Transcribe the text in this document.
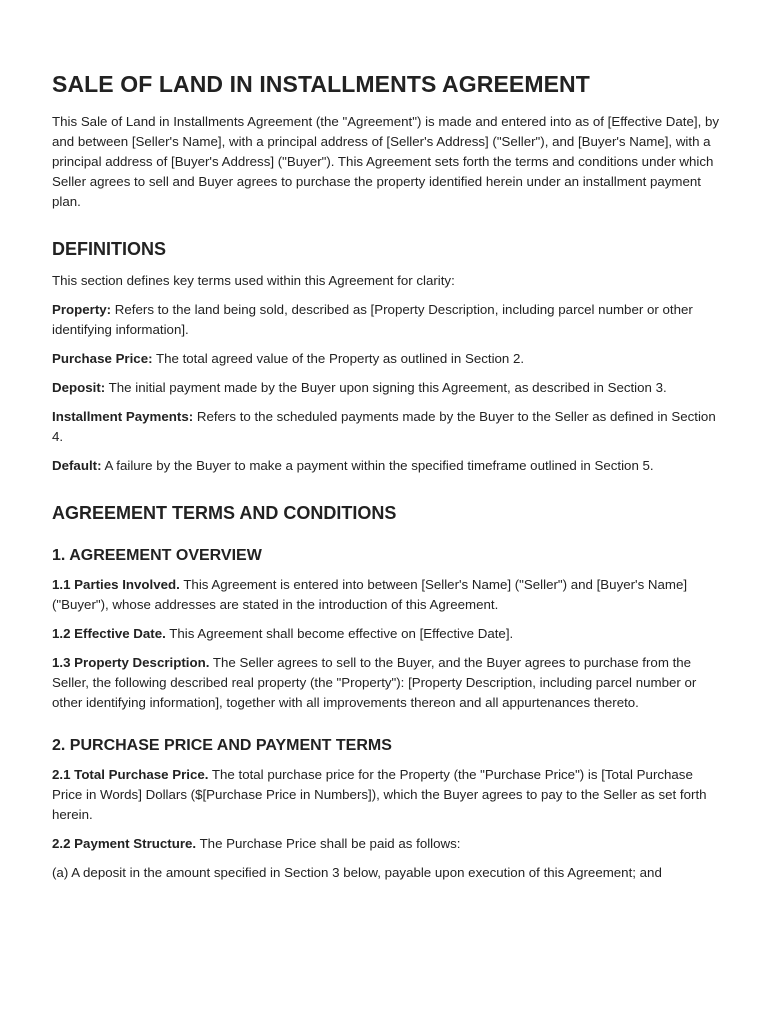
SALE OF LAND IN INSTALLMENTS AGREEMENT

This Sale of Land in Installments Agreement (the "Agreement") is made and entered into as of [Effective Date], by and between [Seller's Name], with a principal address of [Seller's Address] ("Seller"), and [Buyer's Name], with a principal address of [Buyer's Address] ("Buyer"). This Agreement sets forth the terms and conditions under which Seller agrees to sell and Buyer agrees to purchase the property identified herein under an installment payment plan.

DEFINITIONS

This section defines key terms used within this Agreement for clarity:

Property: Refers to the land being sold, described as [Property Description, including parcel number or other identifying information].

Purchase Price: The total agreed value of the Property as outlined in Section 2.

Deposit: The initial payment made by the Buyer upon signing this Agreement, as described in Section 3.

Installment Payments: Refers to the scheduled payments made by the Buyer to the Seller as defined in Section 4.

Default: A failure by the Buyer to make a payment within the specified timeframe outlined in Section 5.

AGREEMENT TERMS AND CONDITIONS
1. AGREEMENT OVERVIEW

1.1 Parties Involved. This Agreement is entered into between [Seller's Name] ("Seller") and [Buyer's Name] ("Buyer"), whose addresses are stated in the introduction of this Agreement.

1.2 Effective Date. This Agreement shall become effective on [Effective Date].

1.3 Property Description. The Seller agrees to sell to the Buyer, and the Buyer agrees to purchase from the Seller, the following described real property (the "Property"): [Property Description, including parcel number or other identifying information], together with all improvements thereon and all appurtenances thereto.

2. PURCHASE PRICE AND PAYMENT TERMS

2.1 Total Purchase Price. The total purchase price for the Property (the "Purchase Price") is [Total Purchase Price in Words] Dollars ($[Purchase Price in Numbers]), which the Buyer agrees to pay to the Seller as set forth herein.

2.2 Payment Structure. The Purchase Price shall be paid as follows:

(a) A deposit in the amount specified in Section 3 below, payable upon execution of this Agreement; and
